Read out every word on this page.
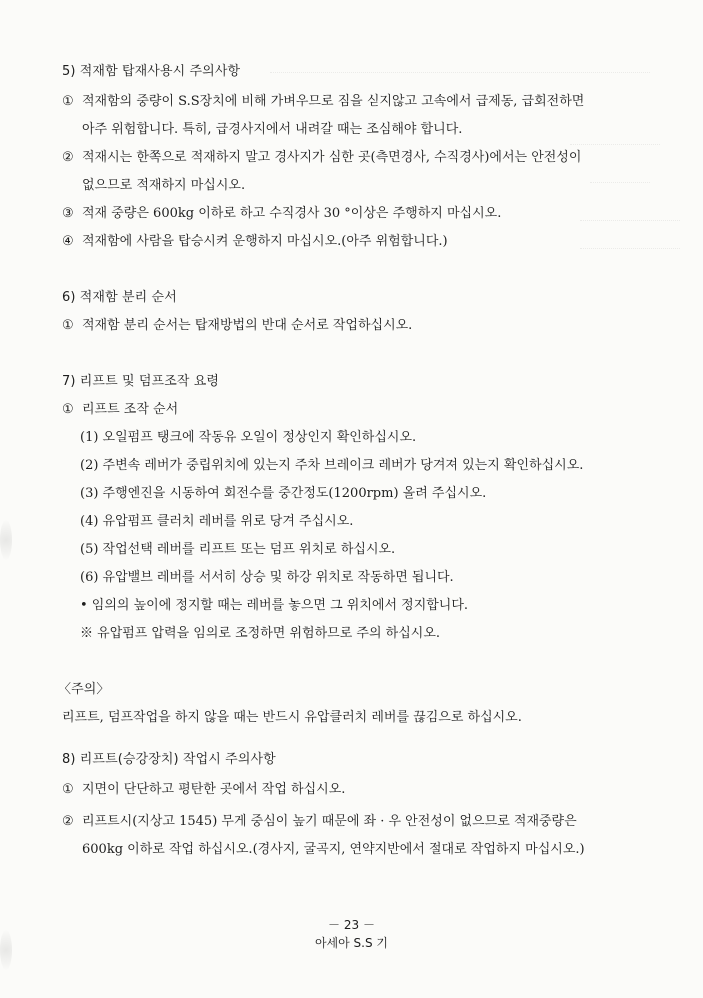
5) 적재함 탑재사용시 주의사항
① 적재함의 중량이 S.S장치에 비해 가벼우므로 짐을 싣지않고 고속에서 급제동, 급회전하면
아주 위험합니다. 특히, 급경사지에서 내려갈 때는 조심해야 합니다.
② 적재시는 한쪽으로 적재하지 말고 경사지가 심한 곳(측면경사, 수직경사)에서는 안전성이
없으므로 적재하지 마십시오.
③ 적재 중량은 600kg 이하로 하고 수직경사 30 °이상은 주행하지 마십시오.
④ 적재함에 사람을 탑승시켜 운행하지 마십시오.(아주 위험합니다.)
6) 적재함 분리 순서
① 적재함 분리 순서는 탑재방법의 반대 순서로 작업하십시오.
7) 리프트 및 덤프조작 요령
① 리프트 조작 순서
(1) 오일펌프 탱크에 작동유 오일이 정상인지 확인하십시오.
(2) 주변속 레버가 중립위치에 있는지 주차 브레이크 레버가 당겨져 있는지 확인하십시오.
(3) 주행엔진을 시동하여 회전수를 중간정도(1200rpm) 올려 주십시오.
(4) 유압펌프 클러치 레버를 위로 당겨 주십시오.
(5) 작업선택 레버를 리프트 또는 덤프 위치로 하십시오.
(6) 유압밸브 레버를 서서히 상승 및 하강 위치로 작동하면 됩니다.
• 임의의 높이에 정지할 때는 레버를 놓으면 그 위치에서 정지합니다.
※ 유압펌프 압력을 임의로 조정하면 위험하므로 주의 하십시오.
〈주의〉
리프트, 덤프작업을 하지 않을 때는 반드시 유압클러치 레버를 끊김으로 하십시오.
8) 리프트(승강장치) 작업시 주의사항
① 지면이 단단하고 평탄한 곳에서 작업 하십시오.
② 리프트시(지상고 1545) 무게 중심이 높기 때문에 좌 · 우 안전성이 없으므로 적재중량은
600kg 이하로 작업 하십시오.(경사지, 굴곡지, 연약지반에서 절대로 작업하지 마십시오.)
－ 23 －
아세아 S.S 기
